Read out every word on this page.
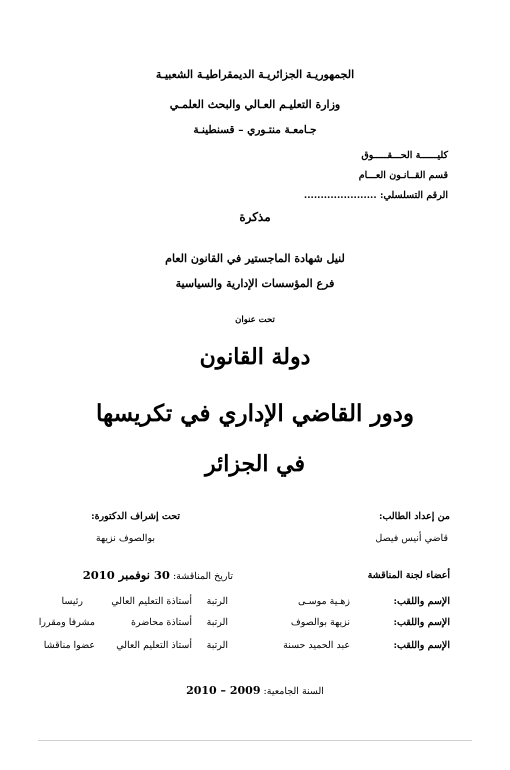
الجمهوريـة الجزائريـة الديمقراطيـة الشعبيـة
وزارة التعليـم العـالي والبحث العلمـي
جـامعـة منتـوري – قسنطينـة
كليــــــة الحـــقـــــوق
قسم القــانـون العـــام
الرقم التسلسلي: ......................
مذكرة
لنيل شهادة الماجستير في القانون العام
فرع المؤسسات الإدارية والسياسية
تحت عنوان
دولة القانون
ودور القاضي الإداري في تكريسها
في الجزائر
من إعداد الطالب:
قاضي أنيس فيصل
تحت إشراف الدكتورة:
بوالصوف نزيهة
أعضاء لجنة المناقشة
تاريخ المناقشة: 30 نوفمبر 2010
الإسم واللقب:
زهـية موسـى
الرتبة
أستاذة التعليم العالي
رئيسا
الإسم واللقب:
نزيهة بوالصوف
الرتبة
أستاذة محاضرة
مشرفا ومقررا
الإسم واللقب:
عبد الحميد حسنة
الرتبة
أستاذ التعليم العالي
عضوا مناقشا
السنة الجامعية: 2009 – 2010
